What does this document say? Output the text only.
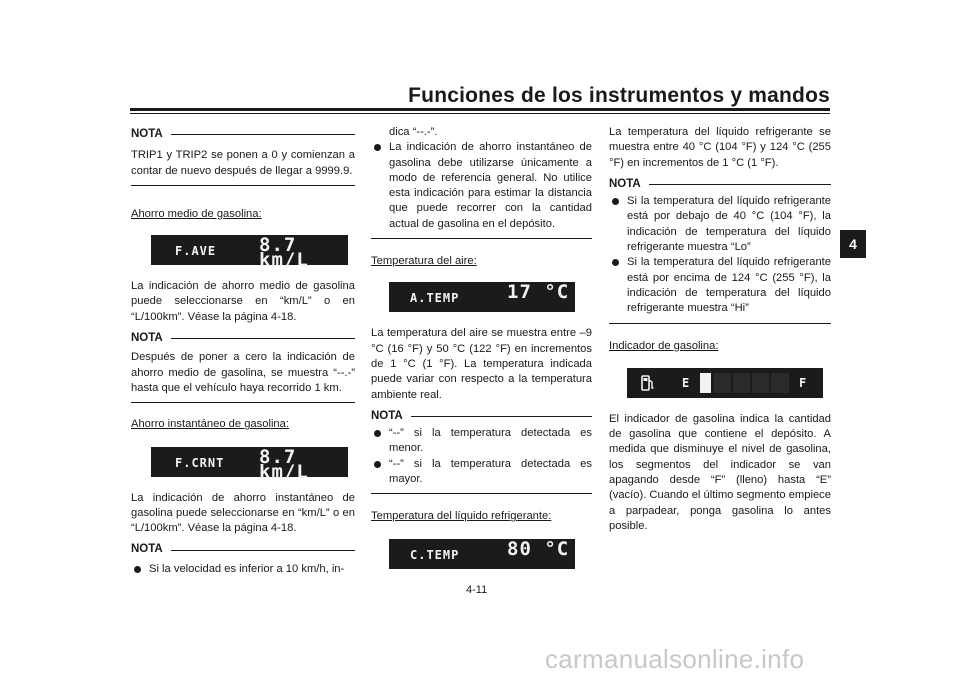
Funciones de los instrumentos y mandos
4
NOTA

TRIP1 y TRIP2 se ponen a 0 y comienzan a contar de nuevo después de llegar a 9999.9.

Ahorro medio de gasolina:

F.AVE 8.7 km/L

La indicación de ahorro medio de gasolina puede seleccionarse en “km/L” o en “L/100km”. Véase la página 4-18.

NOTA

Después de poner a cero la indicación de ahorro medio de gasolina, se muestra “--.-” hasta que el vehículo haya recorrido 1 km.

Ahorro instantáneo de gasolina:

F.CRNT 8.7 km/L

La indicación de ahorro instantáneo de gasolina puede seleccionarse en “km/L” o en “L/100km”. Véase la página 4-18.

NOTA
Si la velocidad es inferior a 10 km/h, in-
dica “--.-”.
La indicación de ahorro instantáneo de gasolina debe utilizarse únicamente a modo de referencia general. No utilice esta indicación para estimar la distancia que puede recorrer con la cantidad actual de gasolina en el depósito.

Temperatura del aire:

A.TEMP	17 °C

La temperatura del aire se muestra entre –9 °C (16 °F) y 50 °C (122 °F) en incrementos de 1 °C (1 °F). La temperatura indicada puede variar con respecto a la temperatura ambiente real.

NOTA
“--” si la temperatura detectada es menor.
“--” si la temperatura detectada es mayor.

Temperatura del líquido refrigerante:

C.TEMP	80 °C

La temperatura del líquido refrigerante se muestra entre 40 °C (104 °F) y 124 °C (255 °F) en incrementos de 1 °C (1 °F).

NOTA
Si la temperatura del líquido refrigerante está por debajo de 40 °C (104 °F), la indicación de temperatura del líquido refrigerante muestra “Lo”
Si la temperatura del líquido refrigerante está por encima de 124 °C (255 °F), la indicación de temperatura del líquido refrigerante muestra “Hi”

Indicador de gasolina:

E	F

El indicador de gasolina indica la cantidad de gasolina que contiene el depósito. A medida que disminuye el nivel de gasolina, los segmentos del indicador se van apagando desde “F” (lleno) hasta “E” (vacío). Cuando el último segmento empiece a parpadear, ponga gasolina lo antes posible.

4-11
carmanualsonline.info
